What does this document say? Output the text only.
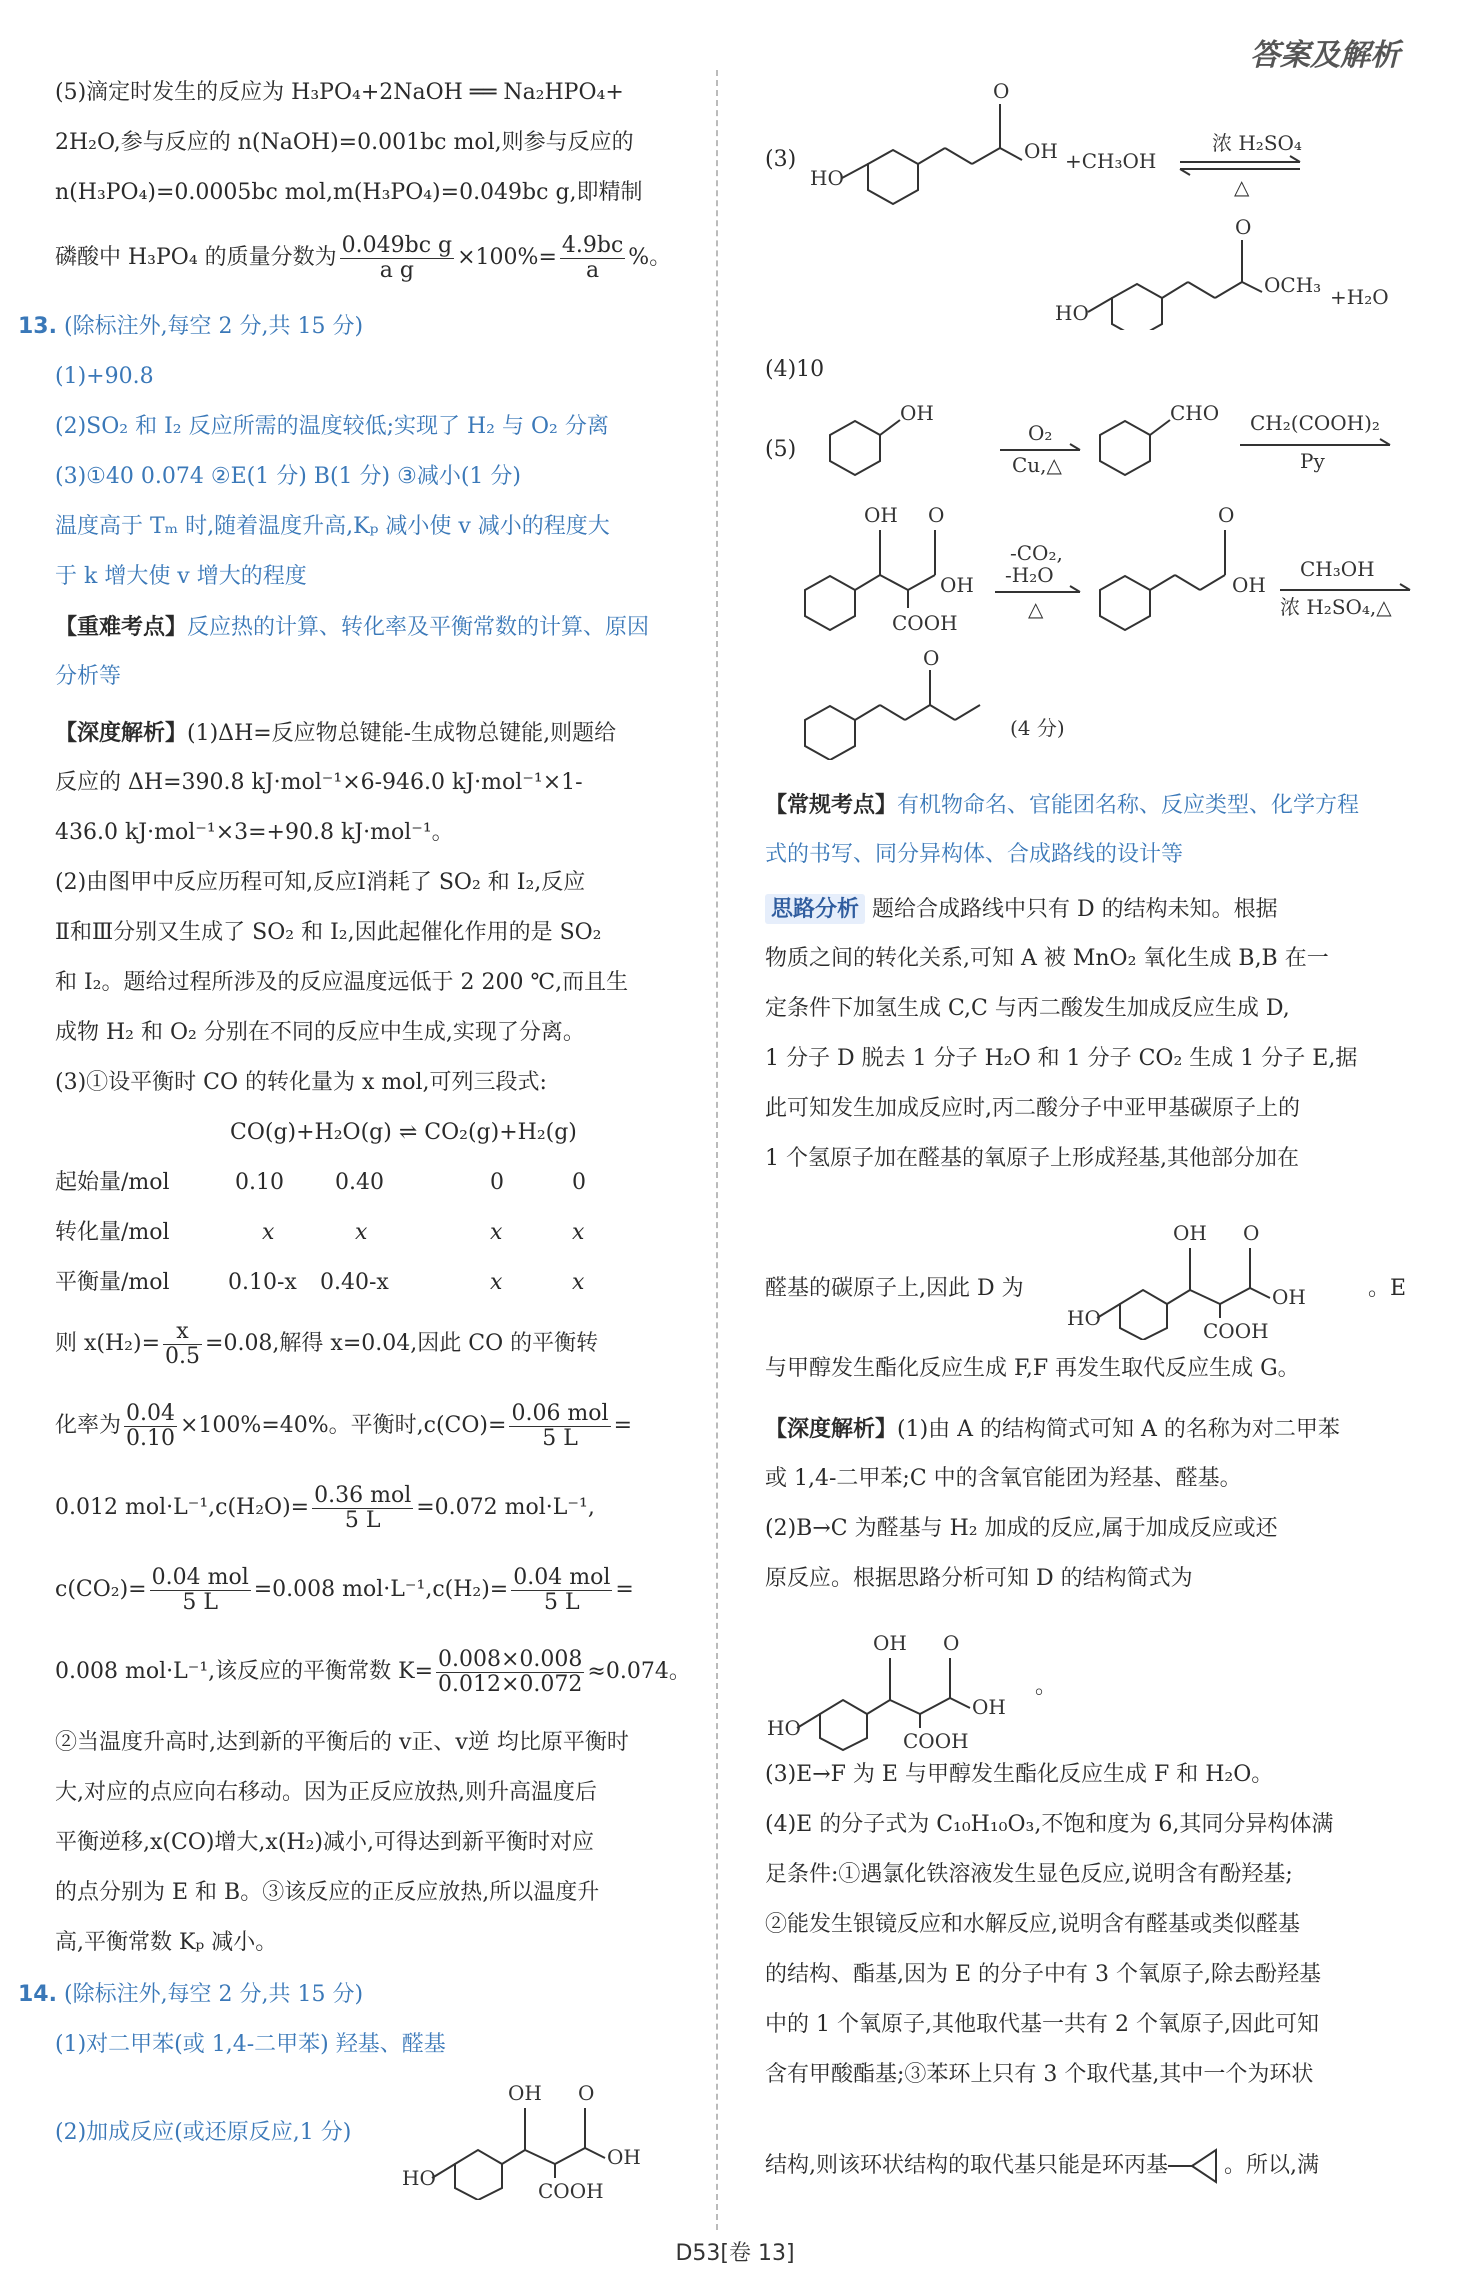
答案及解析
(5)滴定时发生的反应为 H₃PO₄+2NaOH ══ Na₂HPO₄+
2H₂O,参与反应的 n(NaOH)=0.001bc mol,则参与反应的
n(H₃PO₄)=0.0005bc mol,m(H₃PO₄)=0.049bc g,即精制
磷酸中 H₃PO₄ 的质量分数为 $\frac{\text{0.049bc g}}{\text{a g}} \times 100\%= \frac{4.9bc}{a}$ %。
13. (除标注外,每空 2 分,共 15 分)
(1)+90.8
(2)SO₂ 和 I₂ 反应所需的温度较低;实现了 H₂ 与 O₂ 分离
(3)①40 0.074 ②E(1 分) B(1 分) ③减小(1 分)
温度高于 Tₘ 时,随着温度升高,Kₚ 减小使 v 减小的程度大
于 k 增大使 v 增大的程度
【重难考点】反应热的计算、转化率及平衡常数的计算、原因
分析等
【深度解析】(1)ΔH=反应物总键能-生成物总键能,则题给
反应的 ΔH=390.8 kJ·mol⁻¹×6-946.0 kJ·mol⁻¹×1-
436.0 kJ·mol⁻¹×3=+90.8 kJ·mol⁻¹。
(2)由图甲中反应历程可知,反应Ⅰ消耗了 SO₂ 和 I₂,反应
Ⅱ和Ⅲ分别又生成了 SO₂ 和 I₂,因此起催化作用的是 SO₂
和 I₂。题给过程所涉及的反应温度远低于 2 200 ℃,而且生
成物 H₂ 和 O₂ 分别在不同的反应中生成,实现了分离。
(3)①设平衡时 CO 的转化量为 x mol,可列三段式:
CO(g)+H₂O(g) ⇌ CO₂(g)+H₂(g)
起始量/mol	0.10 0.40	0	0
转化量/mol	x	x	x	x
平衡量/mol	0.10-x 0.40-x	x	x
则 $x(H_2)= \frac{x}{0.5} =0.08$,解得 x=0.04,因此 CO 的平衡转
化率为 $\frac{0.04}{0.10} \times 100\%=40\%$。平衡时$,c(CO)= \frac{\text{0.06 mol}}{5 L}$ =
0.012 $mol\cdot L^{-1},c(H_2O)= \frac{\text{0.36 mol}}{5 L} =0.072$ mol·L⁻¹,
$c(CO_2)= \frac{\text{0.04 mol}}{5 L} =0.008$ $mol\cdot L^{-1},c(H_2)= \frac{\text{0.04 mol}}{5 L}$ =
0.008 mol·L⁻¹,该反应的平衡常数 $K= \frac{0.008\times 0.008}{0.012\times 0.072} \approx 0.074$。
②当温度升高时,达到新的平衡后的 v正、v逆 均比原平衡时
大,对应的点应向右移动。因为正反应放热,则升高温度后
平衡逆移,x(CO)增大,x(H₂)减小,可得达到新平衡时对应
的点分别为 E 和 B。③该反应的正反应放热,所以温度升
高,平衡常数 Kₚ 减小。
14. (除标注外,每空 2 分,共 15 分)
(1)对二甲苯(或 1,4-二甲苯) 羟基、醛基
(2)加成反应(或还原反应,1 分)
HO
OH O
OH
COOH
(3)
HO
O
OH +CH₃OH
浓 H₂SO₄
△
HO
O
OCH₃ +H₂O
(4)10
(5)
OH
O₂
Cu,△
CHO CH₂(COOH)₂
Py
OH O
OH
COOH
-CO₂,
-H₂O
△
O
OH
CH₃OH
浓 H₂SO₄,△
O
(4 分)
【常规考点】有机物命名、官能团名称、反应类型、化学方程
式的书写、同分异构体、合成路线的设计等
思路分析 题给合成路线中只有 D 的结构未知。根据
物质之间的转化关系,可知 A 被 MnO₂ 氧化生成 B,B 在一
定条件下加氢生成 C,C 与丙二酸发生加成反应生成 D,
1 分子 D 脱去 1 分子 H₂O 和 1 分子 CO₂ 生成 1 分子 E,据
此可知发生加成反应时,丙二酸分子中亚甲基碳原子上的
1 个氢原子加在醛基的氧原子上形成羟基,其他部分加在
醛基的碳原子上,因此 D 为
HO
OH O
OH
COOH
。E
与甲醇发生酯化反应生成 F,F 再发生取代反应生成 G。
【深度解析】(1)由 A 的结构简式可知 A 的名称为对二甲苯
或 1,4-二甲苯;C 中的含氧官能团为羟基、醛基。
(2)B→C 为醛基与 H₂ 加成的反应,属于加成反应或还
原反应。根据思路分析可知 D 的结构简式为
HO
OH O
OH
COOH
。
(3)E→F 为 E 与甲醇发生酯化反应生成 F 和 H₂O。
(4)E 的分子式为 C₁₀H₁₀O₃,不饱和度为 6,其同分异构体满
足条件:①遇氯化铁溶液发生显色反应,说明含有酚羟基;
②能发生银镜反应和水解反应,说明含有醛基或类似醛基
的结构、酯基,因为 E 的分子中有 3 个氧原子,除去酚羟基
中的 1 个氧原子,其他取代基一共有 2 个氧原子,因此可知
含有甲酸酯基;③苯环上只有 3 个取代基,其中一个为环状
结构,则该环状结构的取代基只能是环丙基	。所以,满
D53[卷 13]
